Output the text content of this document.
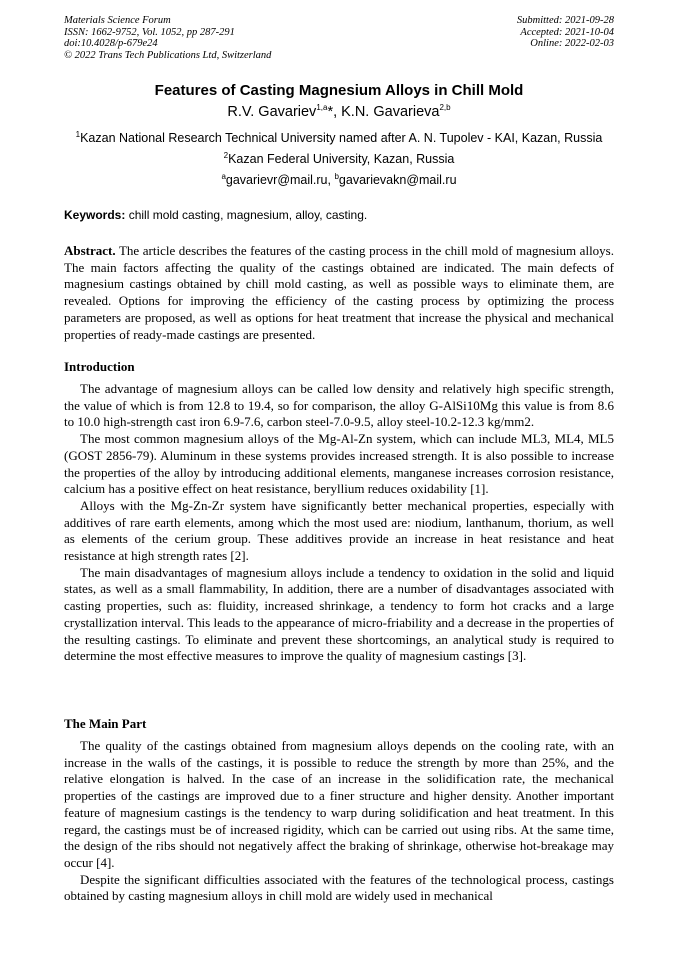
Materials Science Forum
ISSN: 1662-9752, Vol. 1052, pp 287-291
doi:10.4028/p-679e24
© 2022 Trans Tech Publications Ltd, Switzerland
Submitted: 2021-09-28
Accepted: 2021-10-04
Online: 2022-02-03
Features of Casting Magnesium Alloys in Chill Mold
R.V. Gavariev$^{1,a}$*, K.N. Gavarieva$^{2,b}$
$^1$Kazan National Research Technical University named after A. N. Tupolev - KAI, Kazan, Russia
$^2$Kazan Federal University, Kazan, Russia
$^a$gavarievr@mail.ru, $^b$gavarievakn@mail.ru
Keywords: chill mold casting, magnesium, alloy, casting.

Abstract. The article describes the features of the casting process in the chill mold of magnesium alloys. The main factors affecting the quality of the castings obtained are indicated. The main defects of magnesium castings obtained by chill mold casting, as well as possible ways to eliminate them, are revealed. Options for improving the efficiency of the casting process by optimizing the process parameters are proposed, as well as options for heat treatment that increase the physical and mechanical properties of ready-made castings are presented.

Introduction

The advantage of magnesium alloys can be called low density and relatively high specific strength, the value of which is from 12.8 to 19.4, so for comparison, the alloy G-AlSi10Mg this value is from 8.6 to 10.0 high-strength cast iron 6.9-7.6, carbon steel-7.0-9.5, alloy steel-10.2-12.3 kg/mm2.

The most common magnesium alloys of the Mg-Al-Zn system, which can include ML3, ML4, ML5 (GOST 2856-79). Aluminum in these systems provides increased strength. It is also possible to increase the properties of the alloy by introducing additional elements, manganese increases corrosion resistance, calcium has a positive effect on heat resistance, beryllium reduces oxidability [1].

Alloys with the Mg-Zn-Zr system have significantly better mechanical properties, especially with additives of rare earth elements, among which the most used are: niodium, lanthanum, thorium, as well as elements of the cerium group. These additives provide an increase in heat resistance and heat resistance at high strength rates [2].

The main disadvantages of magnesium alloys include a tendency to oxidation in the solid and liquid states, as well as a small flammability, In addition, there are a number of disadvantages associated with casting properties, such as: fluidity, increased shrinkage, a tendency to form hot cracks and a large crystallization interval. This leads to the appearance of micro-friability and a decrease in the properties of the resulting castings. To eliminate and prevent these shortcomings, an analytical study is required to determine the most effective measures to improve the quality of magnesium castings [3].

The Main Part

The quality of the castings obtained from magnesium alloys depends on the cooling rate, with an increase in the walls of the castings, it is possible to reduce the strength by more than 25%, and the relative elongation is halved. In the case of an increase in the solidification rate, the mechanical properties of the castings are improved due to a finer structure and higher density. Another important feature of magnesium castings is the tendency to warp during solidification and heat treatment. In this regard, the castings must be of increased rigidity, which can be carried out using ribs. At the same time, the design of the ribs should not negatively affect the braking of shrinkage, otherwise hot-breakage may occur [4].

Despite the significant difficulties associated with the features of the technological process, castings obtained by casting magnesium alloys in chill mold are widely used in mechanical
